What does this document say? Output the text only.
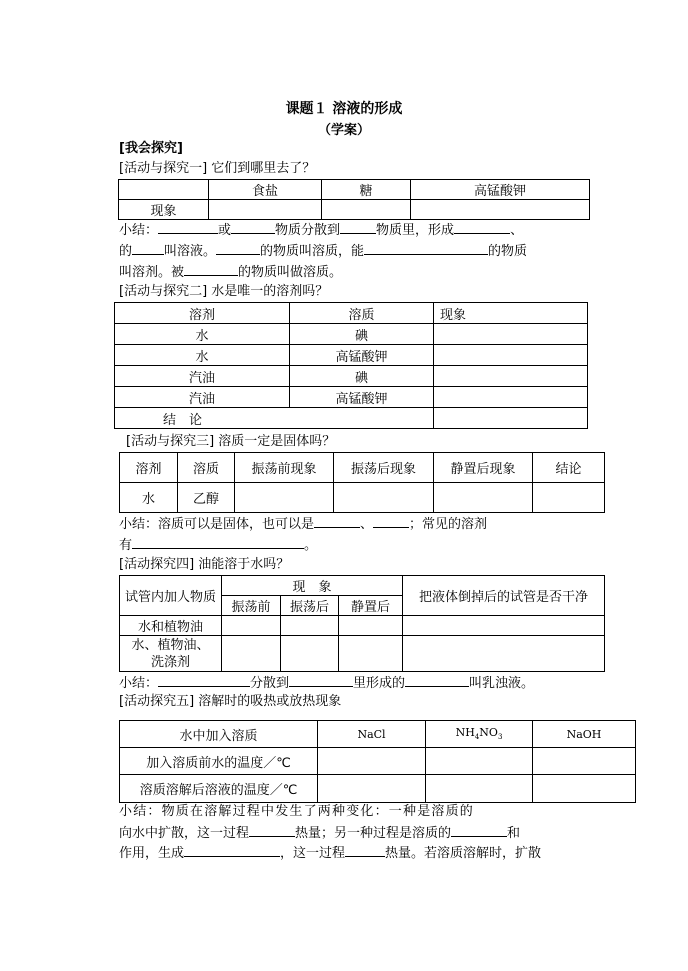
课题１ 溶液的形成
（学案）
[我会探究]
[活动与探究一] 它们到哪里去了？
	食盐	糖	高锰酸钾
现象			
小结：	或	物质分散到	物质里，形成	、
的 叫溶液。	的物质叫溶质，能	的物质
叫溶剂。被	的物质叫做溶质。
[活动与探究二] 水是唯一的溶剂吗？
溶剂	溶质	现象
水	碘	
水	高锰酸钾	
汽油	碘	
汽油	高锰酸钾	
结　论		
[活动与探究三] 溶质一定是固体吗？
溶剂	溶质	振荡前现象	振荡后现象	静置后现象	结论
水	乙醇				
小结：溶质可以是固体，也可以是	、	；常见的溶剂
有	。
[活动探究四] 油能溶于水吗？
试管内加人物质	现　象			把液体倒掉后的试管是否干净
	振荡前	振荡后	静置后	
水和植物油				
水、植物油、
洗涤剂				
小结：	分散到	里形成的	叫乳浊液。
[活动探究五] 溶解时的吸热或放热现象
水中加入溶质	NaCl	$NH_4NO_3$	NaOH
加入溶质前水的温度／℃			
溶质溶解后溶液的温度／℃			
小结：物质在溶解过程中发生了两种变化：一种是溶质的
向水中扩散，这一过程	热量；另一种过程是溶质的	和
作用，生成	，这一过程	热量。若溶质溶解时，扩散
